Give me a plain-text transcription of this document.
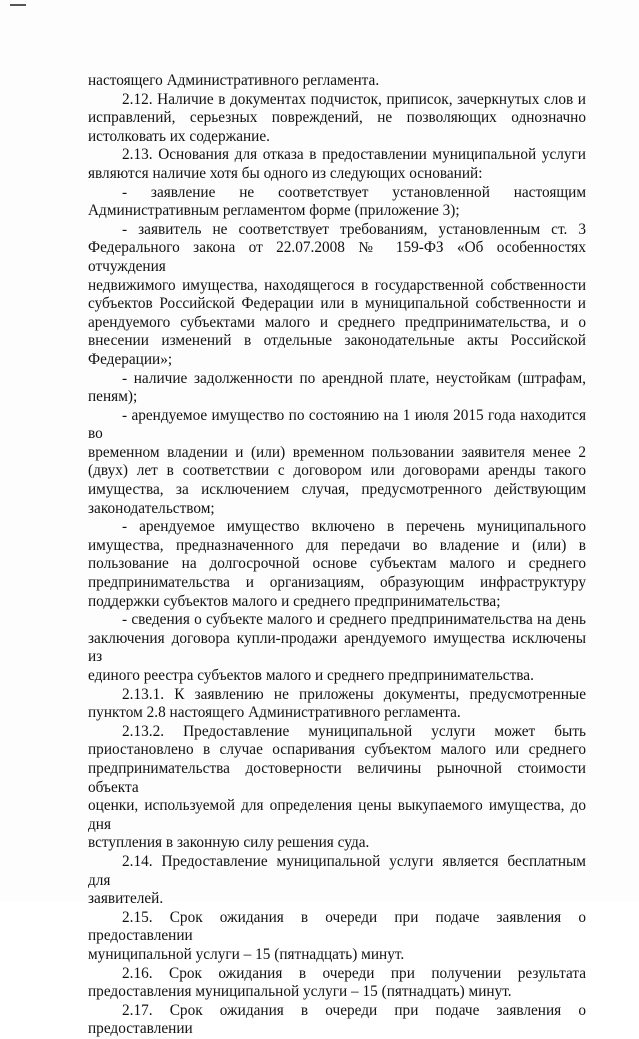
настоящего Административного регламента.

2.12. Наличие в документах подчисток, приписок, зачеркнутых слов и

исправлений, серьезных повреждений, не позволяющих однозначно

истолковать их содержание.

2.13. Основания для отказа в предоставлении муниципальной услуги

являются наличие хотя бы одного из следующих оснований:

- заявление не соответствует установленной настоящим

Административным регламентом форме (приложение 3);

- заявитель не соответствует требованиям, установленным ст. 3

Федерального закона от 22.07.2008 № 159-ФЗ «Об особенностях отчуждения

недвижимого имущества, находящегося в государственной собственности

субъектов Российской Федерации или в муниципальной собственности и

арендуемого субъектами малого и среднего предпринимательства, и о

внесении изменений в отдельные законодательные акты Российской

Федерации»;

- наличие задолженности по арендной плате, неустойкам (штрафам,

пеням);

- арендуемое имущество по состоянию на 1 июля 2015 года находится во

временном владении и (или) временном пользовании заявителя менее 2

(двух) лет в соответствии с договором или договорами аренды такого

имущества, за исключением случая, предусмотренного действующим

законодательством;

- арендуемое имущество включено в перечень муниципального

имущества, предназначенного для передачи во владение и (или) в

пользование на долгосрочной основе субъектам малого и среднего

предпринимательства и организациям, образующим инфраструктуру

поддержки субъектов малого и среднего предпринимательства;

- сведения о субъекте малого и среднего предпринимательства на день

заключения договора купли-продажи арендуемого имущества исключены из

единого реестра субъектов малого и среднего предпринимательства.

2.13.1. К заявлению не приложены документы, предусмотренные

пунктом 2.8 настоящего Административного регламента.

2.13.2. Предоставление муниципальной услуги может быть

приостановлено в случае оспаривания субъектом малого или среднего

предпринимательства достоверности величины рыночной стоимости объекта

оценки, используемой для определения цены выкупаемого имущества, до дня

вступления в законную силу решения суда.

2.14. Предоставление муниципальной услуги является бесплатным для

заявителей.

2.15. Срок ожидания в очереди при подаче заявления о предоставлении

муниципальной услуги – 15 (пятнадцать) минут.

2.16. Срок ожидания в очереди при получении результата

предоставления муниципальной услуги – 15 (пятнадцать) минут.

2.17. Срок ожидания в очереди при подаче заявления о предоставлении
